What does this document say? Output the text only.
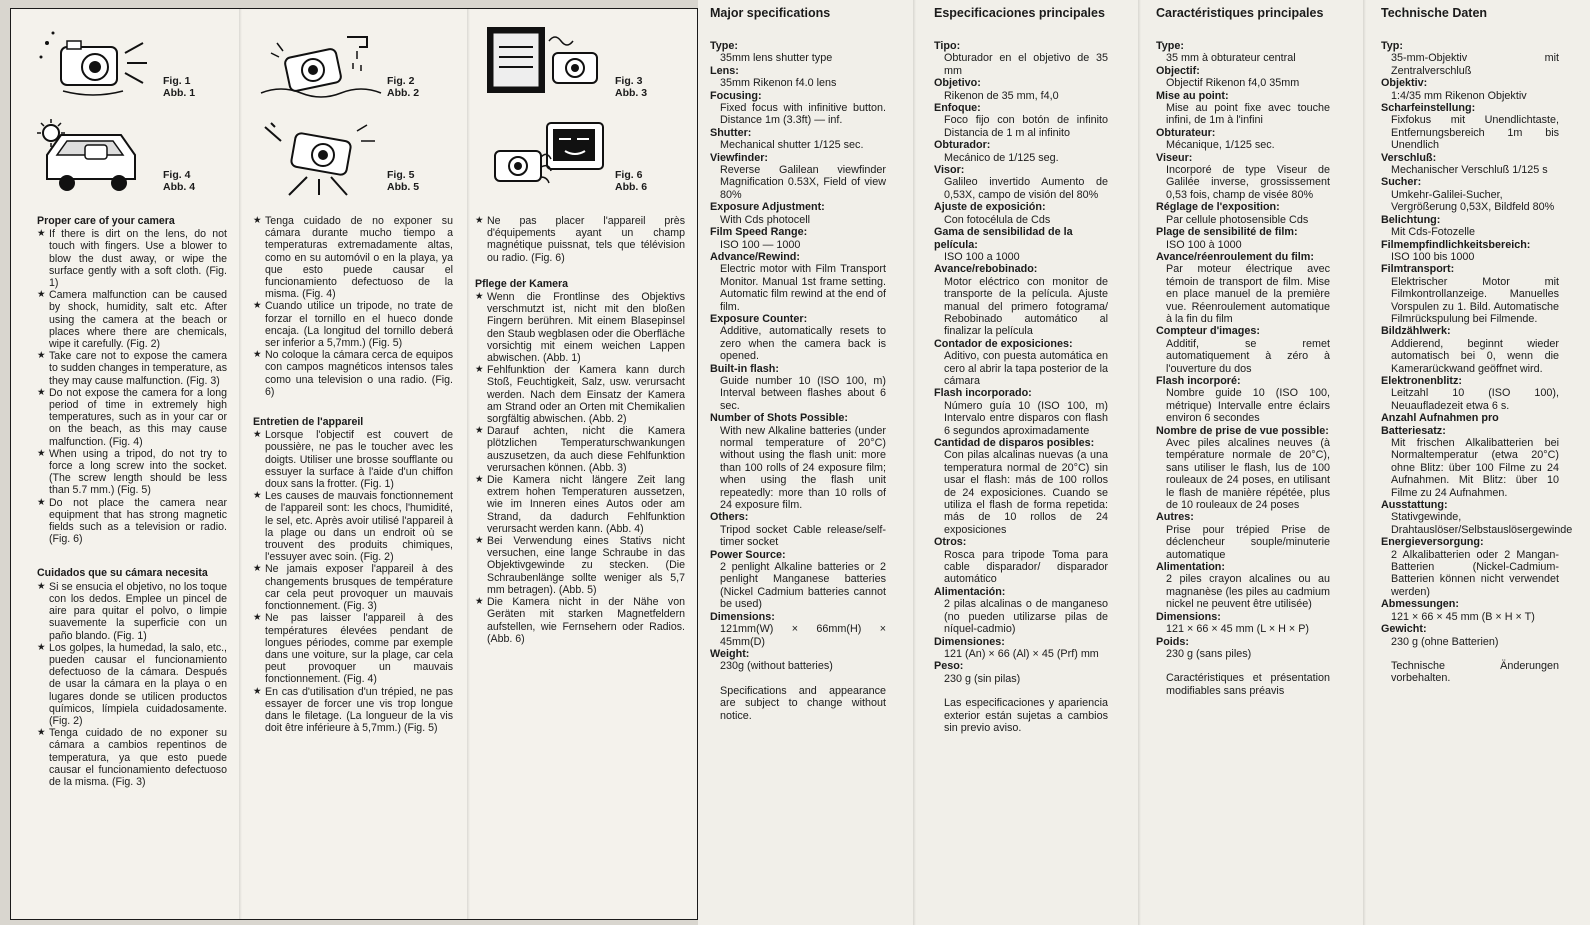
Fig. 1
Abb. 1
Fig. 2
Abb. 2
Fig. 3
Abb. 3
Fig. 4
Abb. 4
Fig. 5
Abb. 5
Fig. 6
Abb. 6
Proper care of your camera
★ If there is dirt on the lens, do not touch with fingers. Use a blower to blow the dust away, or wipe the surface gently with a soft cloth. (Fig. 1)
★ Camera malfunction can be caused by shock, humidity, salt etc. After using the camera at the beach or places where there are chemicals, wipe it carefully. (Fig. 2)
★ Take care not to expose the camera to sudden changes in temperature, as they may cause malfunction. (Fig. 3)
★ Do not expose the camera for a long period of time in extremely high temperatures, such as in your car or on the beach, as this may cause malfunction. (Fig. 4)
★ When using a tripod, do not try to force a long screw into the socket. (The screw length should be less than 5.7 mm.) (Fig. 5)
★ Do not place the camera near equipment that has strong magnetic fields such as a television or radio. (Fig. 6)
Cuidados que su cámara necesita
★ Si se ensucia el objetivo, no los toque con los dedos. Emplee un pincel de aire para quitar el polvo, o limpie suavemente la superficie con un paño blando. (Fig. 1)
★ Los golpes, la humedad, la salo, etc., pueden causar el funcionamiento defectuoso de la cámara. Después de usar la cámara en la playa o en lugares donde se utilicen productos químicos, límpiela cuidadosamente. (Fig. 2)
★ Tenga cuidado de no exponer su cámara a cambios repentinos de temperatura, ya que esto puede causar el funcionamiento defectuoso de la misma. (Fig. 3)
★ Tenga cuidado de no exponer su cámara durante mucho tiempo a temperaturas extremadamente altas, como en su automóvil o en la playa, ya que esto puede causar el funcionamiento defectuoso de la misma. (Fig. 4)
★ Cuando utilice un tripode, no trate de forzar el tornillo en el hueco donde encaja. (La longitud del tornillo deberá ser inferior a 5,7mm.) (Fig. 5)
★ No coloque la cámara cerca de equipos con campos magnéticos intensos tales como una television o una radio. (Fig. 6)
Entretien de l'appareil
★ Lorsque l'objectif est couvert de poussière, ne pas le toucher avec les doigts. Utiliser une brosse soufflante ou essuyer la surface à l'aide d'un chiffon doux sans la frotter. (Fig. 1)
★ Les causes de mauvais fonctionnement de l'appareil sont: les chocs, l'humidité, le sel, etc. Après avoir utilisé l'appareil à la plage ou dans un endroit où se trouvent des produits chimiques, l'essuyer avec soin. (Fig. 2)
★ Ne jamais exposer l'appareil à des changements brusques de température car cela peut provoquer un mauvais fonctionnement. (Fig. 3)
★ Ne pas laisser l'appareil à des températures élevées pendant de longues périodes, comme par exemple dans une voiture, sur la plage, car cela peut provoquer un mauvais fonctionnement. (Fig. 4)
★ En cas d'utilisation d'un trépied, ne pas essayer de forcer une vis trop longue dans le filetage. (La longueur de la vis doit être inférieure à 5,7mm.) (Fig. 5)
★ Ne pas placer l'appareil près d'équipements ayant un champ magnétique puissnat, tels que télévision ou radio. (Fig. 6)
Pflege der Kamera
★ Wenn die Frontlinse des Objektivs verschmutzt ist, nicht mit den bloßen Fingern berühren. Mit einem Blasepinsel den Staub wegblasen oder die Oberfläche vorsichtig mit einem weichen Lappen abwischen. (Abb. 1)
★ Fehlfunktion der Kamera kann durch Stoß, Feuchtigkeit, Salz, usw. verursacht werden. Nach dem Einsatz der Kamera am Strand oder an Orten mit Chemikalien sorgfältig abwischen. (Abb. 2)
★ Darauf achten, nicht die Kamera plötzlichen Temperaturschwankungen auszusetzen, da auch diese Fehlfunktion verursachen können. (Abb. 3)
★ Die Kamera nicht längere Zeit lang extrem hohen Temperaturen aussetzen, wie im Inneren eines Autos oder am Strand, da dadurch Fehlfunktion verursacht werden kann. (Abb. 4)
★ Bei Verwendung eines Stativs nicht versuchen, eine lange Schraube in das Objektivgewinde zu stecken. (Die Schraubenlänge sollte weniger als 5,7 mm betragen). (Abb. 5)
★ Die Kamera nicht in der Nähe von Geräten mit starken Magnetfeldern aufstellen, wie Fernsehern oder Radios. (Abb. 6)
Major specifications
Type:
35mm lens shutter type
Lens:
35mm Rikenon f4.0 lens
Focusing:
Fixed focus with infinitive button. Distance 1m (3.3ft) — inf.
Shutter:
Mechanical shutter 1/125 sec.
Viewfinder:
Reverse Galilean viewfinder Magnification 0.53X, Field of view 80%
Exposure Adjustment:
With Cds photocell
Film Speed Range:
ISO 100 — 1000
Advance/Rewind:
Electric motor with Film Transport Monitor. Manual 1st frame setting. Automatic film rewind at the end of film.
Exposure Counter:
Additive, automatically resets to zero when the camera back is opened.
Built-in flash:
Guide number 10 (ISO 100, m) Interval between flashes about 6 sec.
Number of Shots Possible:
With new Alkaline batteries (under normal temperature of 20°C) without using the flash unit: more than 100 rolls of 24 exposure film; when using the flash unit repeatedly: more than 10 rolls of 24 exposure film.
Others:
Tripod socket Cable release/self-timer socket
Power Source:
2 penlight Alkaline batteries or 2 penlight Manganese batteries (Nickel Cadmium batteries cannot be used)
Dimensions:
121mm(W) × 66mm(H) × 45mm(D)
Weight:
230g (without batteries)
Specifications and appearance are subject to change without notice.
Especificaciones principales
Tipo:
Obturador en el objetivo de 35 mm
Objetivo:
Rikenon de 35 mm, f4,0
Enfoque:
Foco fijo con botón de infinito Distancia de 1 m al infinito
Obturador:
Mecánico de 1/125 seg.
Visor:
Galileo invertido Aumento de 0,53X, campo de visión del 80%
Ajuste de exposición:
Con fotocélula de Cds
Gama de sensibilidad de la película:
ISO 100 a 1000
Avance/rebobinado:
Motor eléctrico con monitor de transporte de la película. Ajuste manual del primero fotograma/ Rebobinado automático al finalizar la película
Contador de exposiciones:
Aditivo, con puesta automática en cero al abrir la tapa posterior de la cámara
Flash incorporado:
Número guía 10 (ISO 100, m) Intervalo entre disparos con flash 6 segundos aproximadamente
Cantidad de disparos posibles:
Con pilas alcalinas nuevas (a una temperatura normal de 20°C) sin usar el flash: más de 100 rollos de 24 exposiciones. Cuando se utiliza el flash de forma repetida: más de 10 rollos de 24 exposiciones
Otros:
Rosca para tripode Toma para cable disparador/ disparador automático
Alimentación:
2 pilas alcalinas o de manganeso (no pueden utilizarse pilas de níquel-cadmio)
Dimensiones:
121 (An) × 66 (Al) × 45 (Prf) mm
Peso:
230 g (sin pilas)
Las especificaciones y apariencia exterior están sujetas a cambios sin previo aviso.
Caractéristiques principales
Type:
35 mm à obturateur central
Objectif:
Objectif Rikenon f4,0 35mm
Mise au point:
Mise au point fixe avec touche infini, de 1m à l'infini
Obturateur:
Mécanique, 1/125 sec.
Viseur:
Incorporé de type Viseur de Galilée inverse, grossissement 0,53 fois, champ de visée 80%
Réglage de l'exposition:
Par cellule photosensible Cds
Plage de sensibilité de film:
ISO 100 à 1000
Avance/réenroulement du film:
Par moteur électrique avec témoin de transport de film. Mise en place manuel de la première vue. Réenroulement automatique à la fin du film
Compteur d'images:
Additif, se remet automatiquement à zéro à l'ouverture du dos
Flash incorporé:
Nombre guide 10 (ISO 100, métrique) Intervalle entre éclairs environ 6 secondes
Nombre de prise de vue possible:
Avec piles alcalines neuves (à température normale de 20°C), sans utiliser le flash, lus de 100 rouleaux de 24 poses, en utilisant le flash de manière répétée, plus de 10 rouleaux de 24 poses
Autres:
Prise pour trépied Prise de déclencheur souple/minuterie automatique
Alimentation:
2 piles crayon alcalines ou au magnanèse (les piles au cadmium nickel ne peuvent être utilisée)
Dimensions:
121 × 66 × 45 mm (L × H × P)
Poids:
230 g (sans piles)
Caractéristiques et présentation modifiables sans préavis
Technische Daten
Typ:
35-mm-Objektiv mit Zentralverschluß
Objektiv:
1:4/35 mm Rikenon Objektiv
Scharfeinstellung:
Fixfokus mit Unendlichtaste, Entfernungsbereich 1m bis Unendlich
Verschluß:
Mechanischer Verschluß 1/125 s
Sucher:
Umkehr-Galilei-Sucher, Vergrößerung 0,53X, Bildfeld 80%
Belichtung:
Mit Cds-Fotozelle
Filmempfindlichkeitsbereich:
ISO 100 bis 1000
Filmtransport:
Elektrischer Motor mit Filmkontrollanzeige. Manuelles Vorspulen zu 1. Bild. Automatische Filmrückspulung bei Filmende.
Bildzählwerk:
Addierend, beginnt wieder automatisch bei 0, wenn die Kamerarückwand geöffnet wird.
Elektronenblitz:
Leitzahl 10 (ISO 100), Neuaufladezeit etwa 6 s.
Anzahl Aufnahmen pro Batteriesatz:
Mit frischen Alkalibatterien bei Normaltemperatur (etwa 20°C) ohne Blitz: über 100 Filme zu 24 Aufnahmen. Mit Blitz: über 10 Filme zu 24 Aufnahmen.
Ausstattung:
Stativgewinde, Drahtauslöser/Selbstauslösergewinde
Energieversorgung:
2 Alkalibatterien oder 2 Mangan-Batterien (Nickel-Cadmium-Batterien können nicht verwendet werden)
Abmessungen:
121 × 66 × 45 mm (B × H × T)
Gewicht:
230 g (ohne Batterien)
Technische Änderungen vorbehalten.
